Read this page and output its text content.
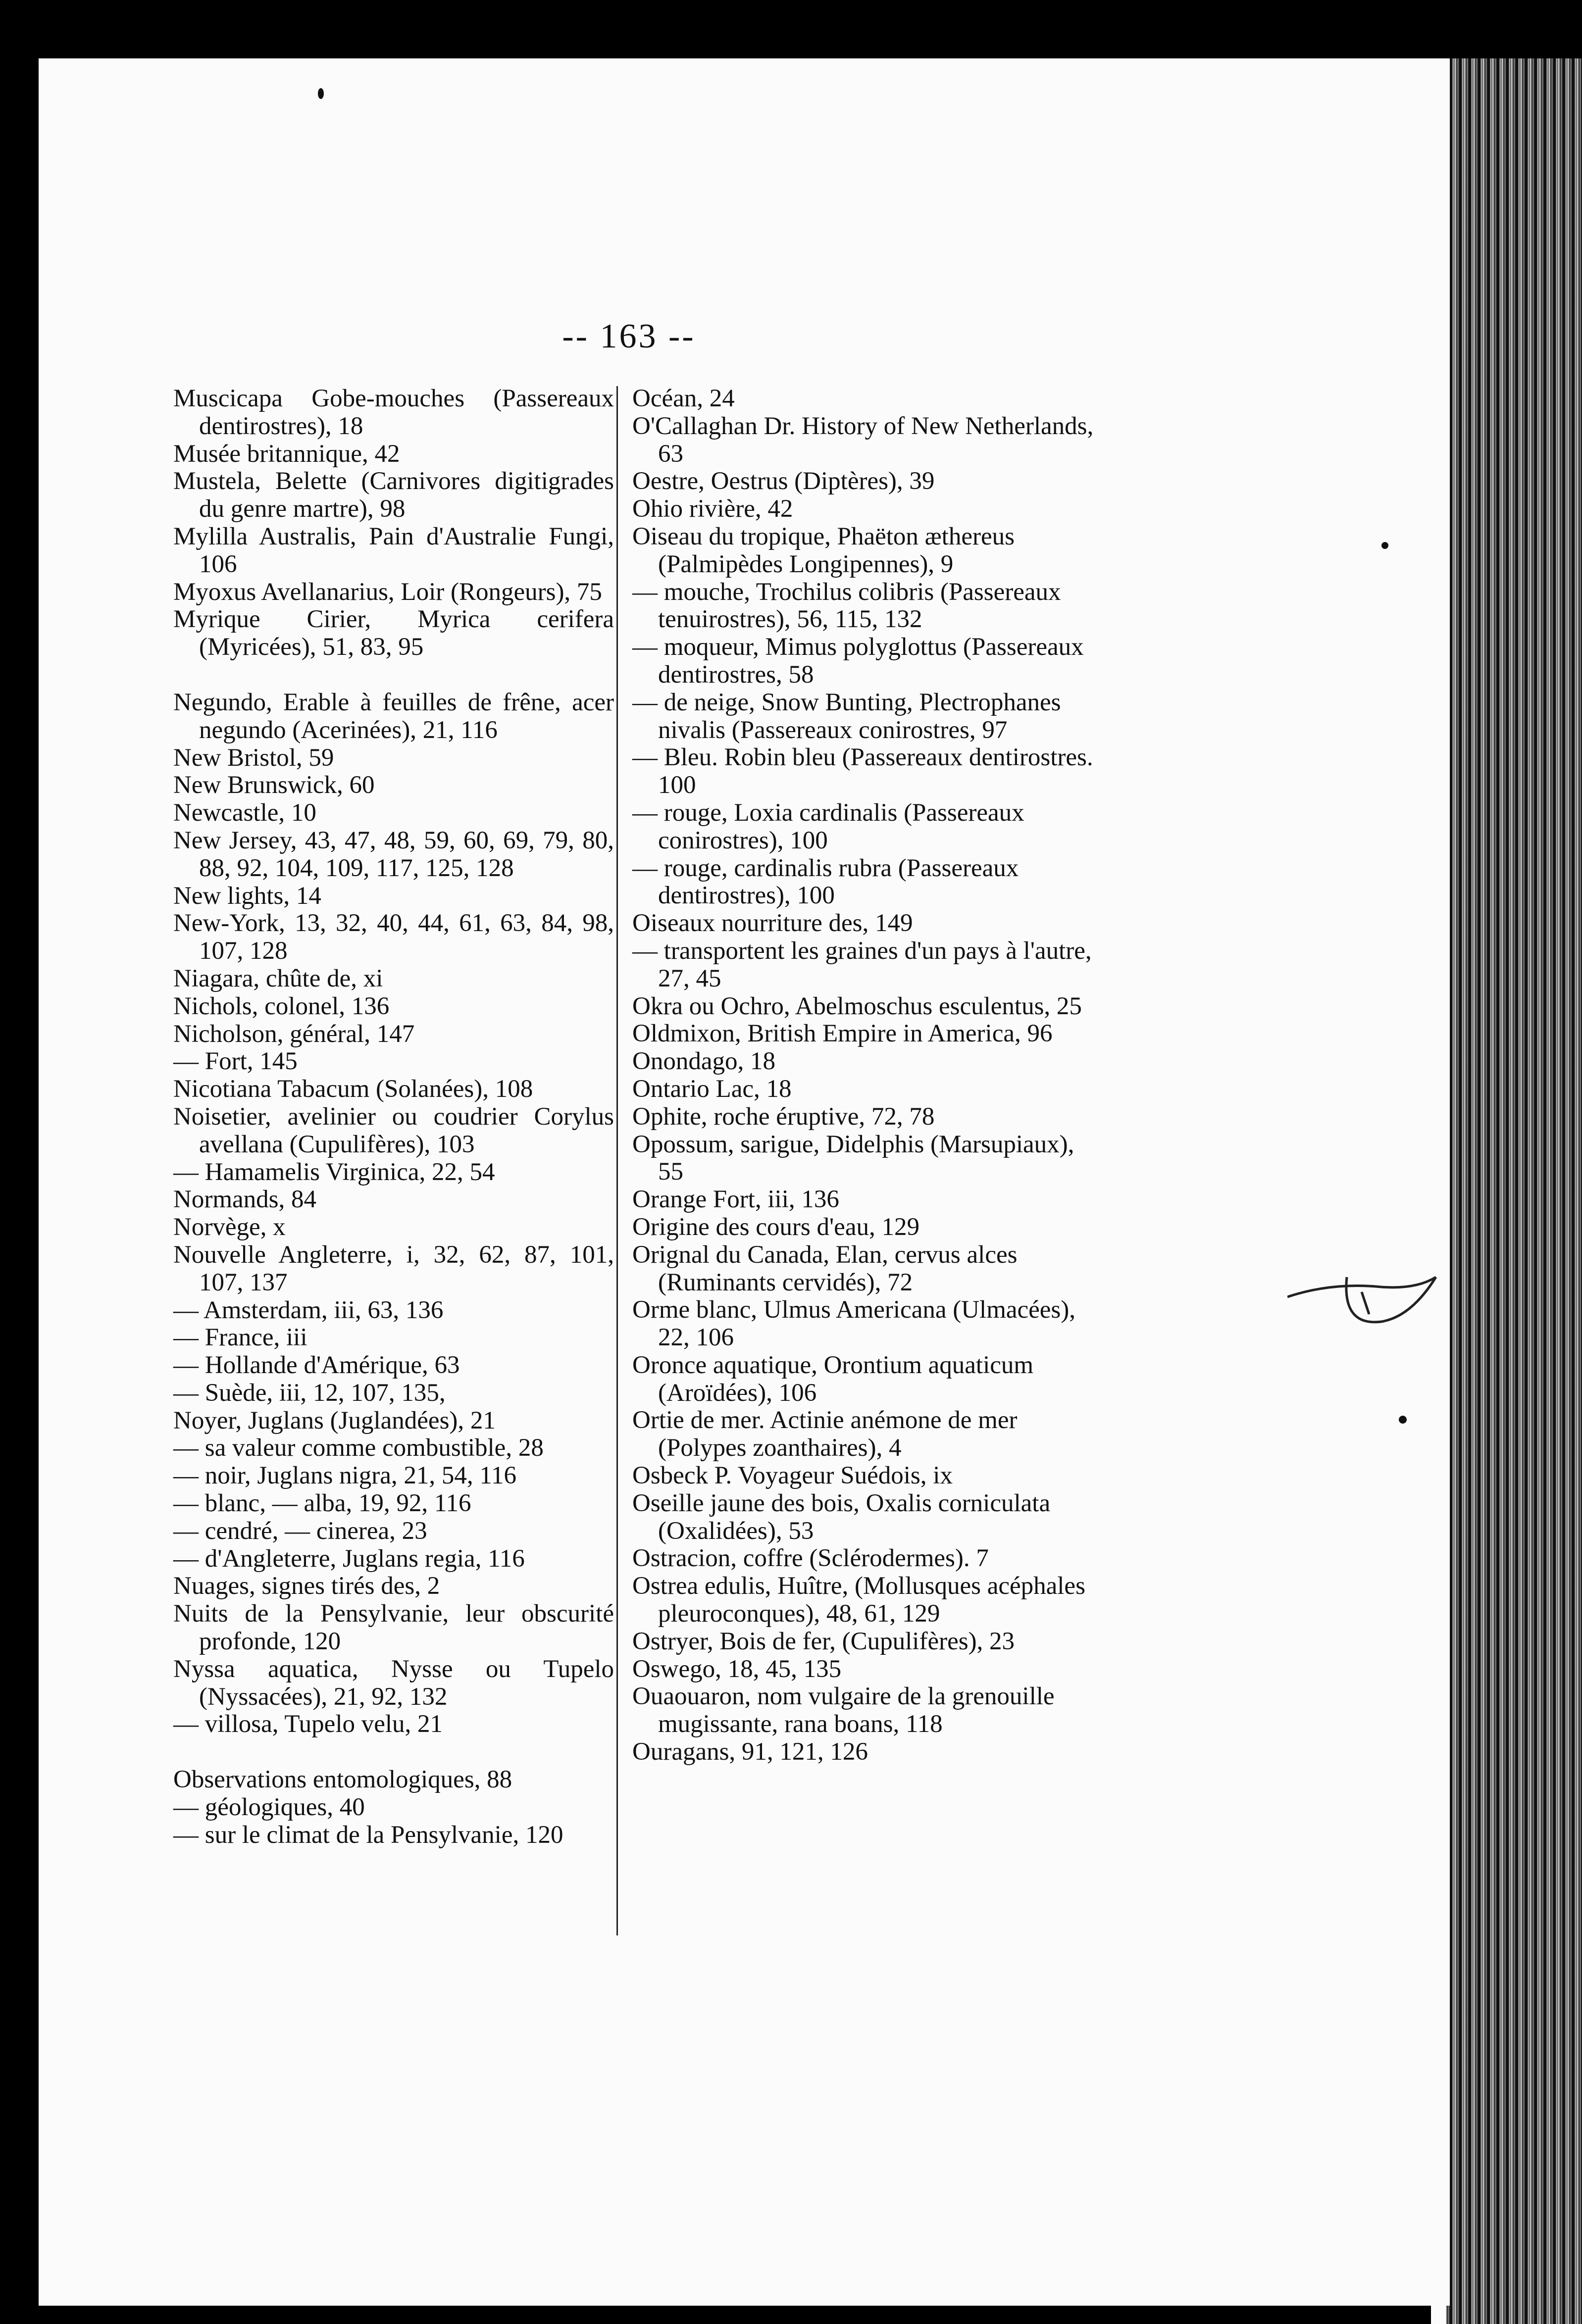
-- 163 --
Muscicapa Gobe-mouches (Passereaux dentirostres), 18
Musée britannique, 42
Mustela, Belette (Carnivores digitigrades du genre martre), 98
Mylilla Australis, Pain d'Australie Fungi, 106
Myoxus Avellanarius, Loir (Rongeurs), 75
Myrique Cirier, Myrica cerifera (Myricées), 51, 83, 95
Negundo, Erable à feuilles de frêne, acer negundo (Acerinées), 21, 116
New Bristol, 59
New Brunswick, 60
Newcastle, 10
New Jersey, 43, 47, 48, 59, 60, 69, 79, 80, 88, 92, 104, 109, 117, 125, 128
New lights, 14
New-York, 13, 32, 40, 44, 61, 63, 84, 98, 107, 128
Niagara, chûte de, xi
Nichols, colonel, 136
Nicholson, général, 147
— Fort, 145
Nicotiana Tabacum (Solanées), 108
Noisetier, avelinier ou coudrier Corylus avellana (Cupulifères), 103
— Hamamelis Virginica, 22, 54
Normands, 84
Norvège, x
Nouvelle Angleterre, i, 32, 62, 87, 101, 107, 137
— Amsterdam, iii, 63, 136
— France, iii
— Hollande d'Amérique, 63
— Suède, iii, 12, 107, 135,
Noyer, Juglans (Juglandées), 21
— sa valeur comme combustible, 28
— noir, Juglans nigra, 21, 54, 116
— blanc, — alba, 19, 92, 116
— cendré, — cinerea, 23
— d'Angleterre, Juglans regia, 116
Nuages, signes tirés des, 2
Nuits de la Pensylvanie, leur obscurité profonde, 120
Nyssa aquatica, Nysse ou Tupelo (Nyssacées), 21, 92, 132
— villosa, Tupelo velu, 21
Observations entomologiques, 88
— géologiques, 40
— sur le climat de la Pensylvanie, 120
Océan, 24
O'Callaghan Dr. History of New Netherlands, 63
Oestre, Oestrus (Diptères), 39
Ohio rivière, 42
Oiseau du tropique, Phaëton æthereus (Palmipèdes Longipennes), 9
— mouche, Trochilus colibris (Passereaux tenuirostres), 56, 115, 132
— moqueur, Mimus polyglottus (Passereaux dentirostres, 58
— de neige, Snow Bunting, Plectrophanes nivalis (Passereaux conirostres, 97
— Bleu. Robin bleu (Passereaux dentirostres. 100
— rouge, Loxia cardinalis (Passereaux conirostres), 100
— rouge, cardinalis rubra (Passereaux dentirostres), 100
Oiseaux nourriture des, 149
— transportent les graines d'un pays à l'autre, 27, 45
Okra ou Ochro, Abelmoschus esculentus, 25
Oldmixon, British Empire in America, 96
Onondago, 18
Ontario Lac, 18
Ophite, roche éruptive, 72, 78
Opossum, sarigue, Didelphis (Marsupiaux), 55
Orange Fort, iii, 136
Origine des cours d'eau, 129
Orignal du Canada, Elan, cervus alces (Ruminants cervidés), 72
Orme blanc, Ulmus Americana (Ulmacées), 22, 106
Oronce aquatique, Orontium aquaticum (Aroïdées), 106
Ortie de mer. Actinie anémone de mer (Polypes zoanthaires), 4
Osbeck P. Voyageur Suédois, ix
Oseille jaune des bois, Oxalis corniculata (Oxalidées), 53
Ostracion, coffre (Sclérodermes). 7
Ostrea edulis, Huître, (Mollusques acéphales pleuroconques), 48, 61, 129
Ostryer, Bois de fer, (Cupulifères), 23
Oswego, 18, 45, 135
Ouaouaron, nom vulgaire de la grenouille mugissante, rana boans, 118
Ouragans, 91, 121, 126
